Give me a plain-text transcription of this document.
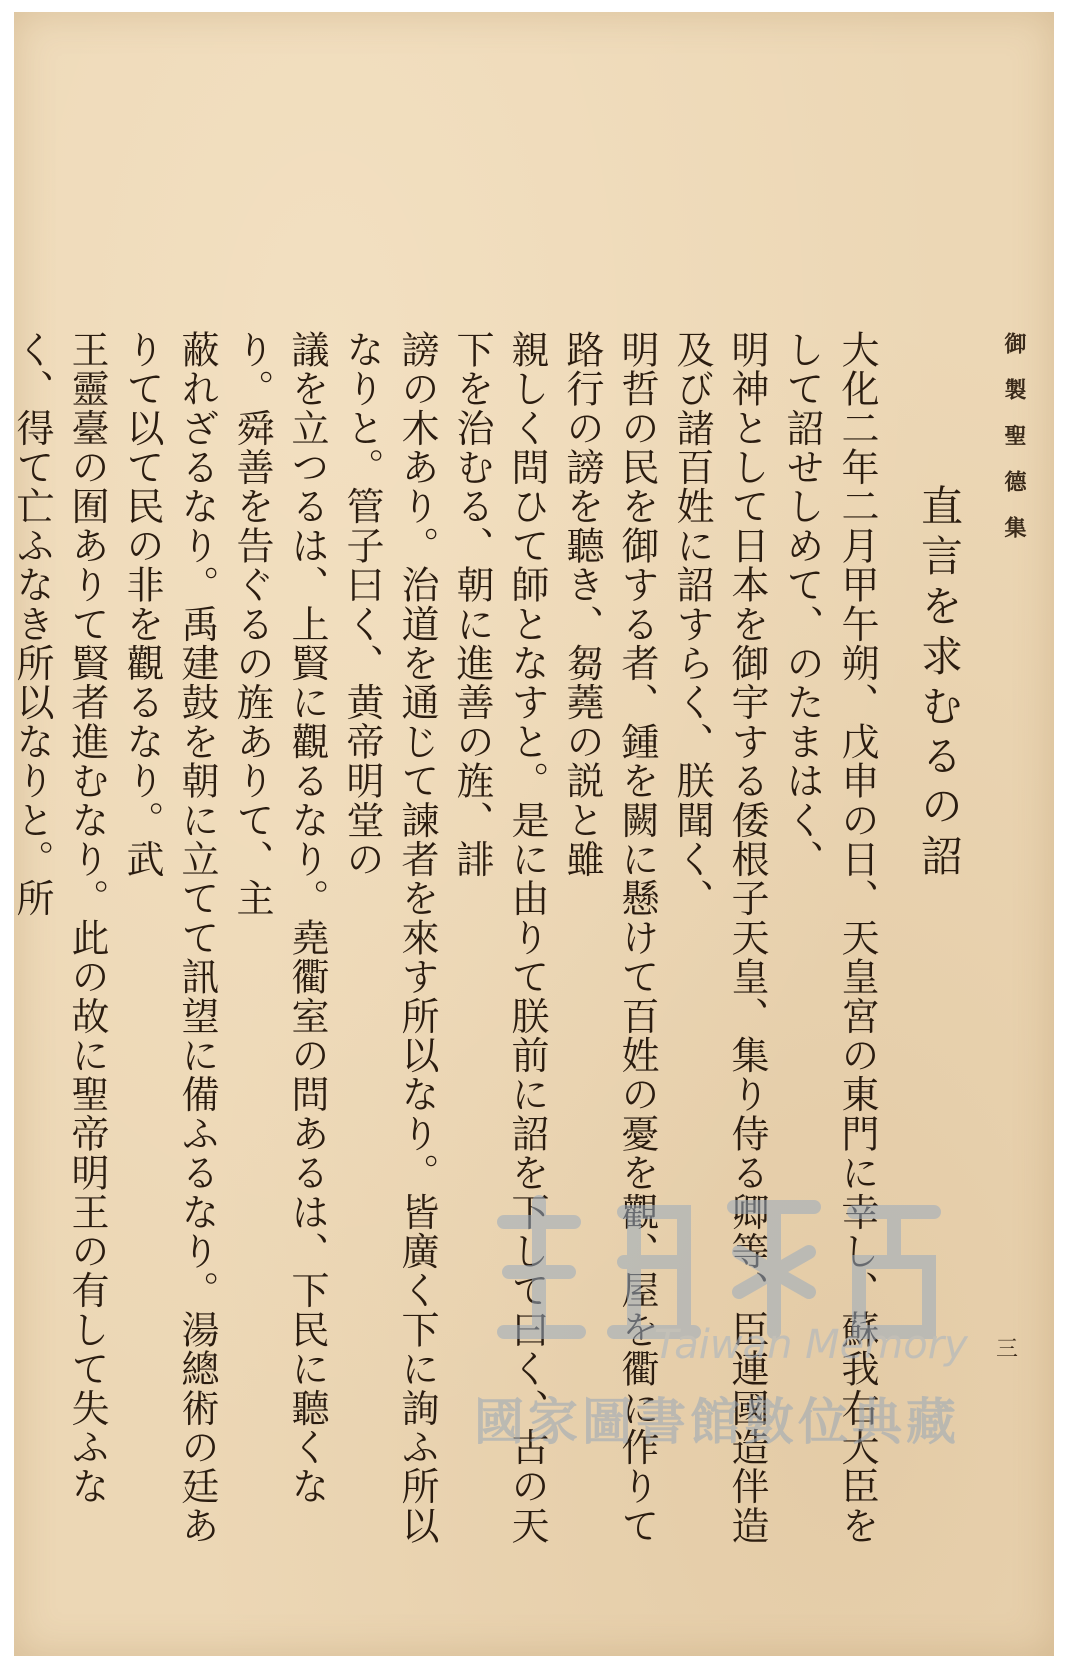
御製聖德集
三
直言を求むるの詔

大化二年二月甲午朔、戊申の日、天皇宮の東門に幸し、蘇我右大臣をして詔せしめて、のたまはく、
明神として日本を御宇する倭根子天皇、集り侍る卿等、臣連國造伴造及び諸百姓に詔すらく、朕聞く、
明哲の民を御する者、鍾を闕に懸けて百姓の憂を觀、屋を衢に作りて路行の謗を聽き、芻蕘の説と雖
親しく問ひて師となすと。是に由りて朕前に詔を下して曰く、古の天下を治むる、朝に進善の旌、誹
謗の木あり。治道を通じて諫者を來す所以なり。皆廣く下に詢ふ所以なりと。管子曰く、黄帝明堂の
議を立つるは、上賢に觀るなり。堯衢室の問あるは、下民に聽くなり。舜善を告ぐるの旌ありて、主
蔽れざるなり。禹建鼓を朝に立てて訊望に備ふるなり。湯總術の廷ありて以て民の非を觀るなり。武
王靈臺の囿ありて賢者進むなり。此の故に聖帝明王の有して失ふなく、得て亡ふなき所以なりと。所

Taiwan Memory
國家圖書館數位典藏
